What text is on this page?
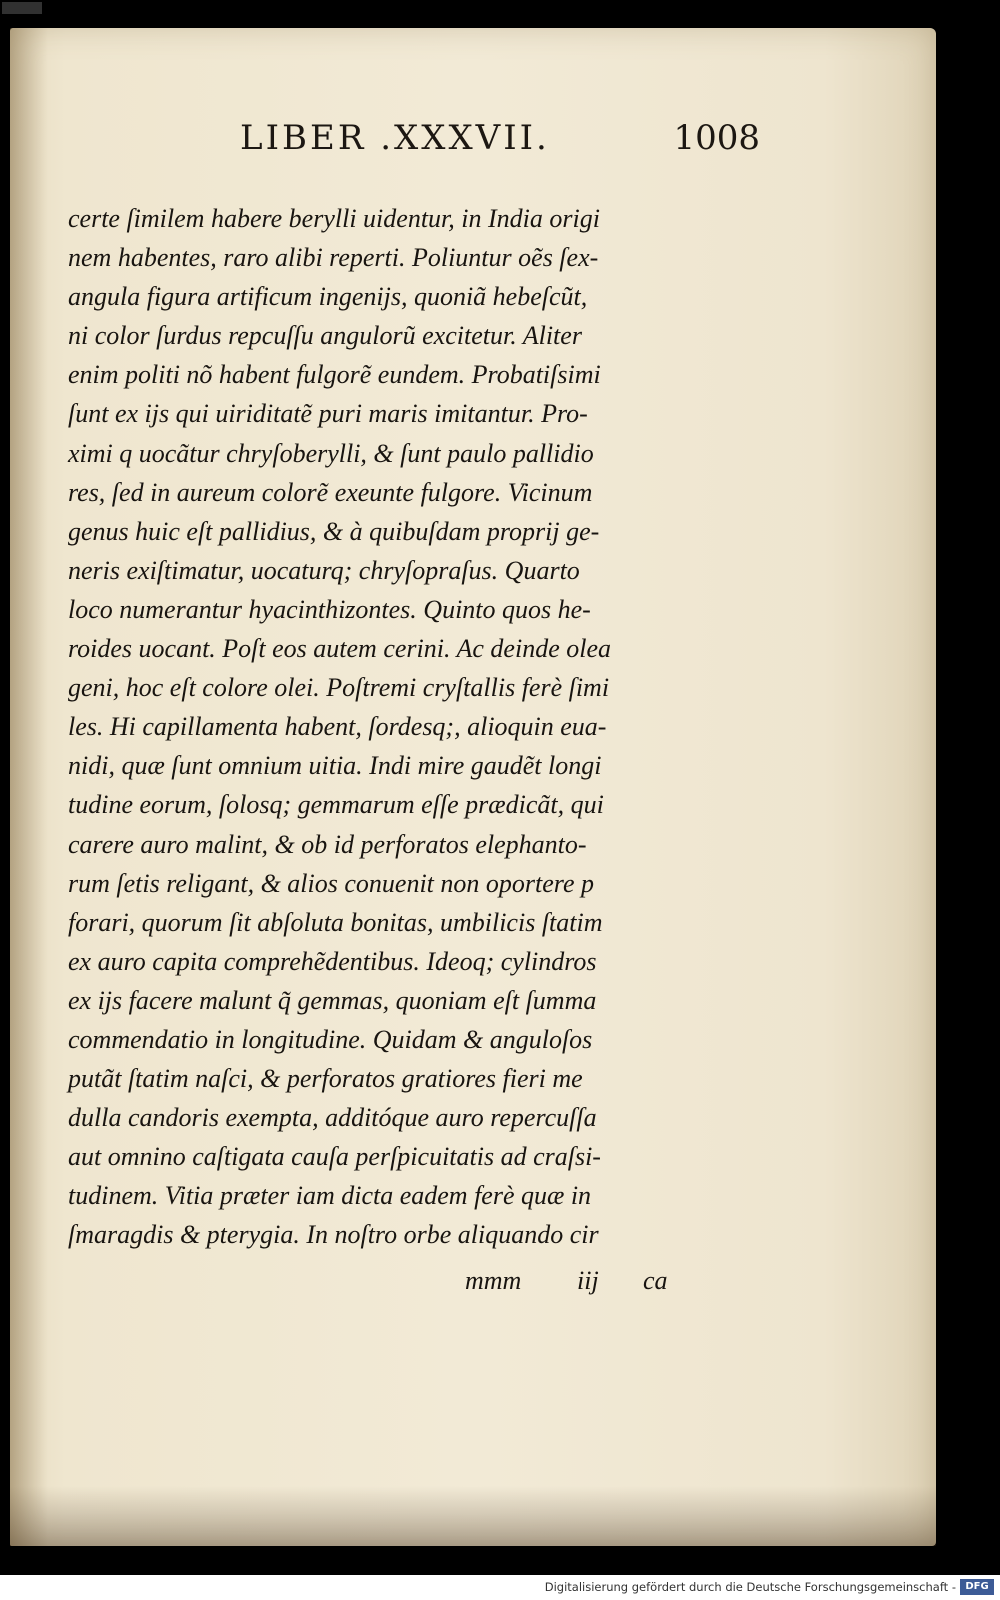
LIBER .XXXVII.	1008
certe ſimilem habere berylli uidentur, in India origi
nem habentes, raro alibi reperti. Poliuntur oẽs ſex-
angula figura artificum ingenijs, quoniã hebeſcũt,
ni color ſurdus repcuſſu angulorũ excitetur. Aliter
enim politi nõ habent fulgorẽ eundem. Probatiſsimi
ſunt ex ijs qui uiriditatẽ puri maris imitantur. Pro-
ximi q uocãtur chryſoberylli, & ſunt paulo pallidio
res, ſed in aureum colorẽ exeunte fulgore. Vicinum
genus huic eſt pallidius, & à quibuſdam proprij ge-
neris exiſtimatur, uocaturq; chryſopraſus. Quarto
loco numerantur hyacinthizontes. Quinto quos he-
roides uocant. Poſt eos autem cerini. Ac deinde olea
geni, hoc eſt colore olei. Poſtremi cryſtallis ferè ſimi
les. Hi capillamenta habent, ſordesq;, alioquin eua-
nidi, quæ ſunt omnium uitia. Indi mire gaudẽt longi
tudine eorum, ſolosq; gemmarum eſſe prædicãt, qui
carere auro malint, & ob id perforatos elephanto-
rum ſetis religant, & alios conuenit non oportere p
forari, quorum ſit abſoluta bonitas, umbilicis ſtatim
ex auro capita comprehẽdentibus. Ideoq; cylindros
ex ijs facere malunt q̃ gemmas, quoniam eſt ſumma
commendatio in longitudine. Quidam & anguloſos
putãt ſtatim naſci, & perforatos gratiores fieri me
dulla candoris exempta, additóque auro repercuſſa
aut omnino caſtigata cauſa perſpicuitatis ad craſsi-
tudinem. Vitia præter iam dicta eadem ferè quæ in
ſmaragdis & pterygia. In noſtro orbe aliquando cir
mmm iij ca
Digitalisierung gefördert durch die Deutsche Forschungsgemeinschaft - DFG
